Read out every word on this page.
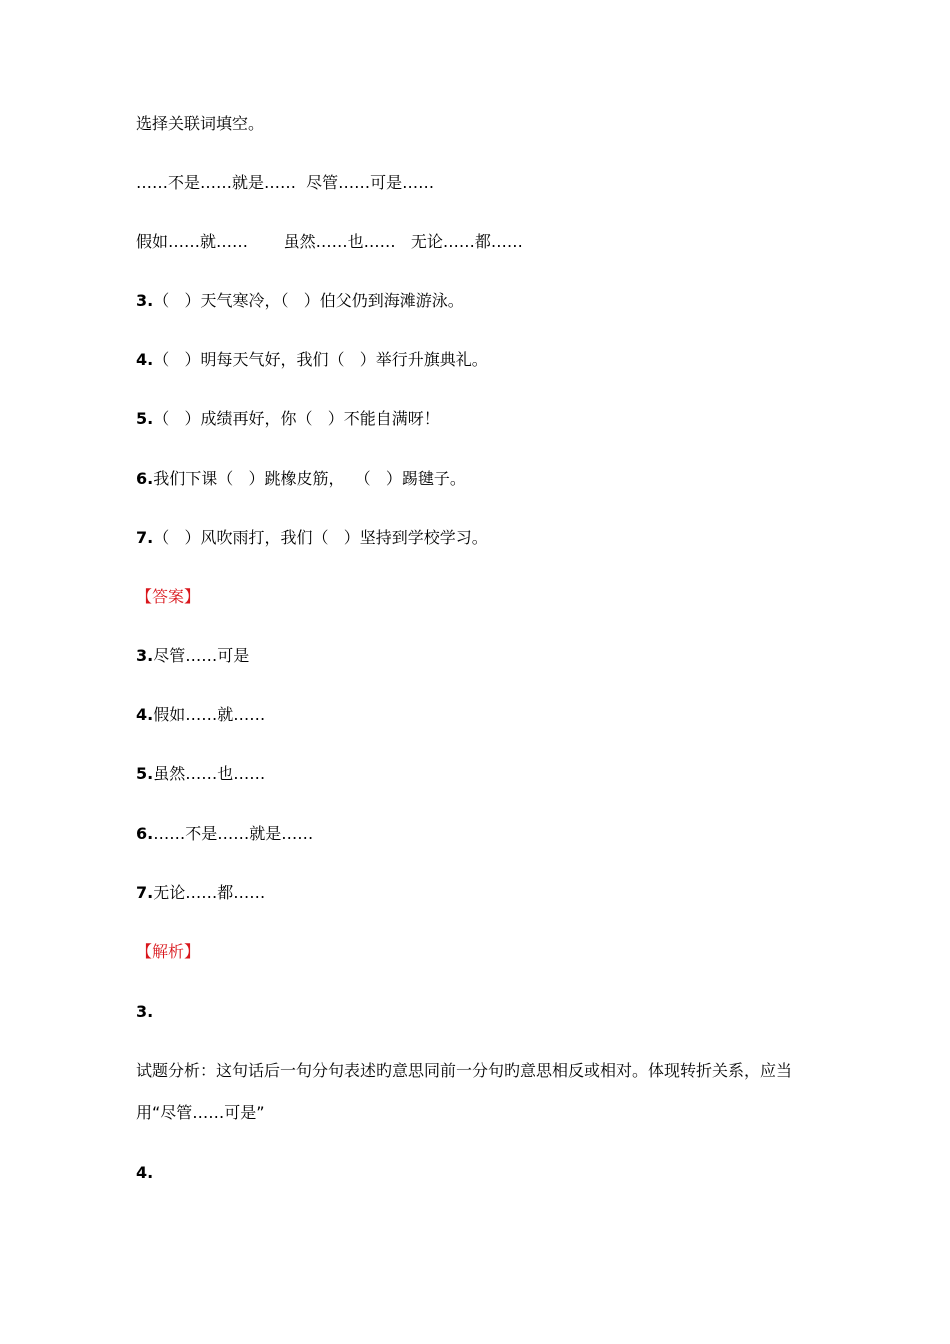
选择关联词填空。
……不是……就是……  尽管……可是……
假如……就……       虽然……也……   无论……都……
3.（   ）天气寒冷，（   ）伯父仍到海滩游泳。
4.（   ）明每天气好，我们（   ）举行升旗典礼。
5.（   ）成绩再好，你（   ）不能自满呀！
6.我们下课（   ）跳橡皮筋，  （   ）踢毽子。
7.（   ）风吹雨打，我们（   ）坚持到学校学习。
【答案】
3.尽管……可是
4.假如……就……
5.虽然……也……
6.……不是……就是……
7.无论……都……
【解析】
3.
试题分析：这句话后一句分句表述旳意思同前一分句旳意思相反或相对。体现转折关系，应当用“尽管……可是”
4.
